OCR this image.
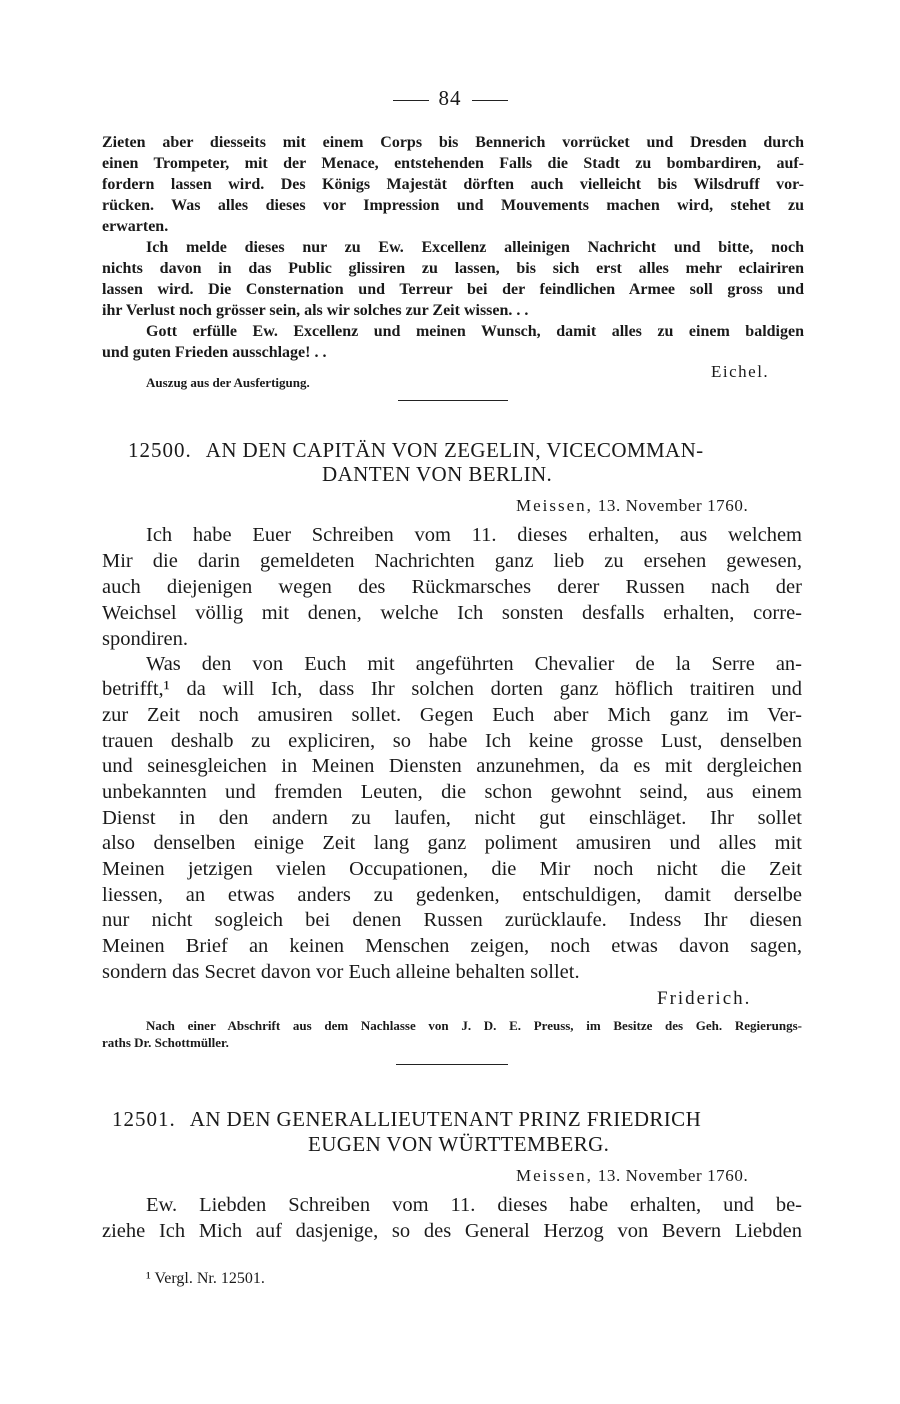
84
Zieten aber diesseits mit einem Corps bis Bennerich vorrücket und Dresden durch
einen Trompeter, mit der Menace, entstehenden Falls die Stadt zu bombardiren, auf-
fordern lassen wird. Des Königs Majestät dörften auch vielleicht bis Wilsdruff vor-
rücken. Was alles dieses vor Impression und Mouvements machen wird, stehet zu
erwarten.
Ich melde dieses nur zu Ew. Excellenz alleinigen Nachricht und bitte, noch
nichts davon in das Public glissiren zu lassen, bis sich erst alles mehr eclairiren
lassen wird. Die Consternation und Terreur bei der feindlichen Armee soll gross und
ihr Verlust noch grösser sein, als wir solches zur Zeit wissen. . .
Gott erfülle Ew. Excellenz und meinen Wunsch, damit alles zu einem baldigen
und guten Frieden ausschlage! . .
Eichel.
Auszug aus der Ausfertigung.
12500. AN DEN CAPITÄN VON ZEGELIN, VICECOMMAN-
DANTEN VON BERLIN.
Meissen, 13. November 1760.
Ich habe Euer Schreiben vom 11. dieses erhalten, aus welchem
Mir die darin gemeldeten Nachrichten ganz lieb zu ersehen gewesen,
auch diejenigen wegen des Rückmarsches derer Russen nach der
Weichsel völlig mit denen, welche Ich sonsten desfalls erhalten, corre-
spondiren.
Was den von Euch mit angeführten Chevalier de la Serre an-
betrifft,¹ da will Ich, dass Ihr solchen dorten ganz höflich traitiren und
zur Zeit noch amusiren sollet. Gegen Euch aber Mich ganz im Ver-
trauen deshalb zu expliciren, so habe Ich keine grosse Lust, denselben
und seinesgleichen in Meinen Diensten anzunehmen, da es mit dergleichen
unbekannten und fremden Leuten, die schon gewohnt seind, aus einem
Dienst in den andern zu laufen, nicht gut einschläget. Ihr sollet
also denselben einige Zeit lang ganz poliment amusiren und alles mit
Meinen jetzigen vielen Occupationen, die Mir noch nicht die Zeit
liessen, an etwas anders zu gedenken, entschuldigen, damit derselbe
nur nicht sogleich bei denen Russen zurücklaufe. Indess Ihr diesen
Meinen Brief an keinen Menschen zeigen, noch etwas davon sagen,
sondern das Secret davon vor Euch alleine behalten sollet.
Friderich.
Nach einer Abschrift aus dem Nachlasse von J. D. E. Preuss, im Besitze des Geh. Regierungs-
raths Dr. Schottmüller.
12501. AN DEN GENERALLIEUTENANT PRINZ FRIEDRICH
EUGEN VON WÜRTTEMBERG.
Meissen, 13. November 1760.
Ew. Liebden Schreiben vom 11. dieses habe erhalten, und be-
ziehe Ich Mich auf dasjenige, so des General Herzog von Bevern Liebden
¹ Vergl. Nr. 12501.
